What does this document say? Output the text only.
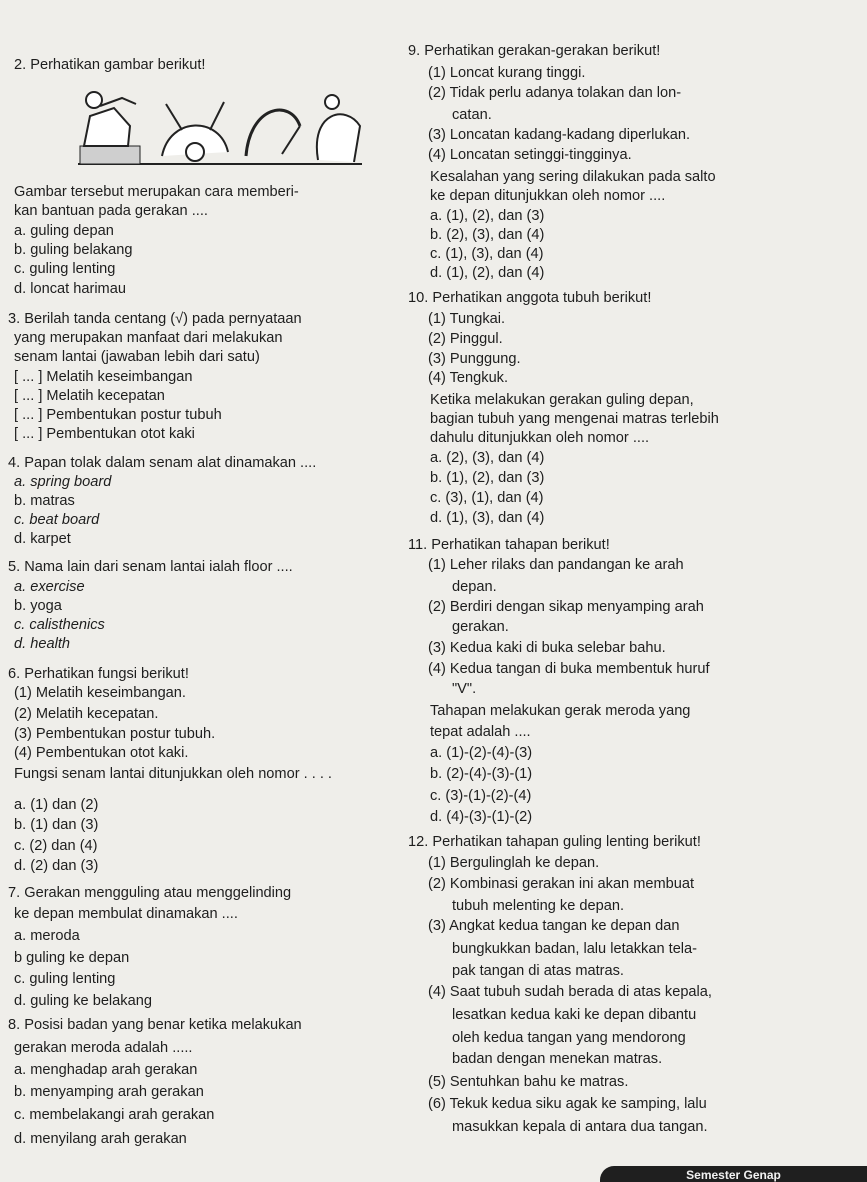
2. Perhatikan gambar berikut!
Gambar tersebut merupakan cara memberi-
kan bantuan pada gerakan ....
a. guling depan
b. guling belakang
c. guling lenting
d. loncat harimau
3. Berilah tanda centang (√) pada pernyataan
yang merupakan manfaat dari melakukan
senam lantai (jawaban lebih dari satu)
[ ... ] Melatih keseimbangan
[ ... ] Melatih kecepatan
[ ... ] Pembentukan postur tubuh
[ ... ] Pembentukan otot kaki
4. Papan tolak dalam senam alat dinamakan ....
a. spring board
b. matras
c. beat board
d. karpet
5. Nama lain dari senam lantai ialah floor ....
a. exercise
b. yoga
c. calisthenics
d. health
6. Perhatikan fungsi berikut!
(1) Melatih keseimbangan.
(2) Melatih kecepatan.
(3) Pembentukan postur tubuh.
(4) Pembentukan otot kaki.
Fungsi senam lantai ditunjukkan oleh nomor . . . .
a. (1) dan (2)
b. (1) dan (3)
c. (2) dan (4)
d. (2) dan (3)
7. Gerakan mengguling atau menggelinding
ke depan membulat dinamakan ....
a. meroda
b guling ke depan
c. guling lenting
d. guling ke belakang
8. Posisi badan yang benar ketika melakukan
gerakan meroda adalah .....
a. menghadap arah gerakan
b. menyamping arah gerakan
c. membelakangi arah gerakan
d. menyilang arah gerakan
9. Perhatikan gerakan-gerakan berikut!
(1) Loncat kurang tinggi.
(2) Tidak perlu adanya tolakan dan lon-
catan.
(3) Loncatan kadang-kadang diperlukan.
(4) Loncatan setinggi-tingginya.
Kesalahan yang sering dilakukan pada salto
ke depan ditunjukkan oleh nomor ....
a. (1), (2), dan (3)
b. (2), (3), dan (4)
c. (1), (3), dan (4)
d. (1), (2), dan (4)
10. Perhatikan anggota tubuh berikut!
(1) Tungkai.
(2) Pinggul.
(3) Punggung.
(4) Tengkuk.
Ketika melakukan gerakan guling depan,
bagian tubuh yang mengenai matras terlebih
dahulu ditunjukkan oleh nomor ....
a. (2), (3), dan (4)
b. (1), (2), dan (3)
c. (3), (1), dan (4)
d. (1), (3), dan (4)
11. Perhatikan tahapan berikut!
(1) Leher rilaks dan pandangan ke arah
depan.
(2) Berdiri dengan sikap menyamping arah
gerakan.
(3) Kedua kaki di buka selebar bahu.
(4) Kedua tangan di buka membentuk huruf
"V".
Tahapan melakukan gerak meroda yang
tepat adalah ....
a. (1)-(2)-(4)-(3)
b. (2)-(4)-(3)-(1)
c. (3)-(1)-(2)-(4)
d. (4)-(3)-(1)-(2)
12. Perhatikan tahapan guling lenting berikut!
(1) Bergulinglah ke depan.
(2) Kombinasi gerakan ini akan membuat
tubuh melenting ke depan.
(3) Angkat kedua tangan ke depan dan
bungkukkan badan, lalu letakkan tela-
pak tangan di atas matras.
(4) Saat tubuh sudah berada di atas kepala,
lesatkan kedua kaki ke depan dibantu
oleh kedua tangan yang mendorong
badan dengan menekan matras.
(5) Sentuhkan bahu ke matras.
(6) Tekuk kedua siku agak ke samping, lalu
masukkan kepala di antara dua tangan.
Semester Genap
